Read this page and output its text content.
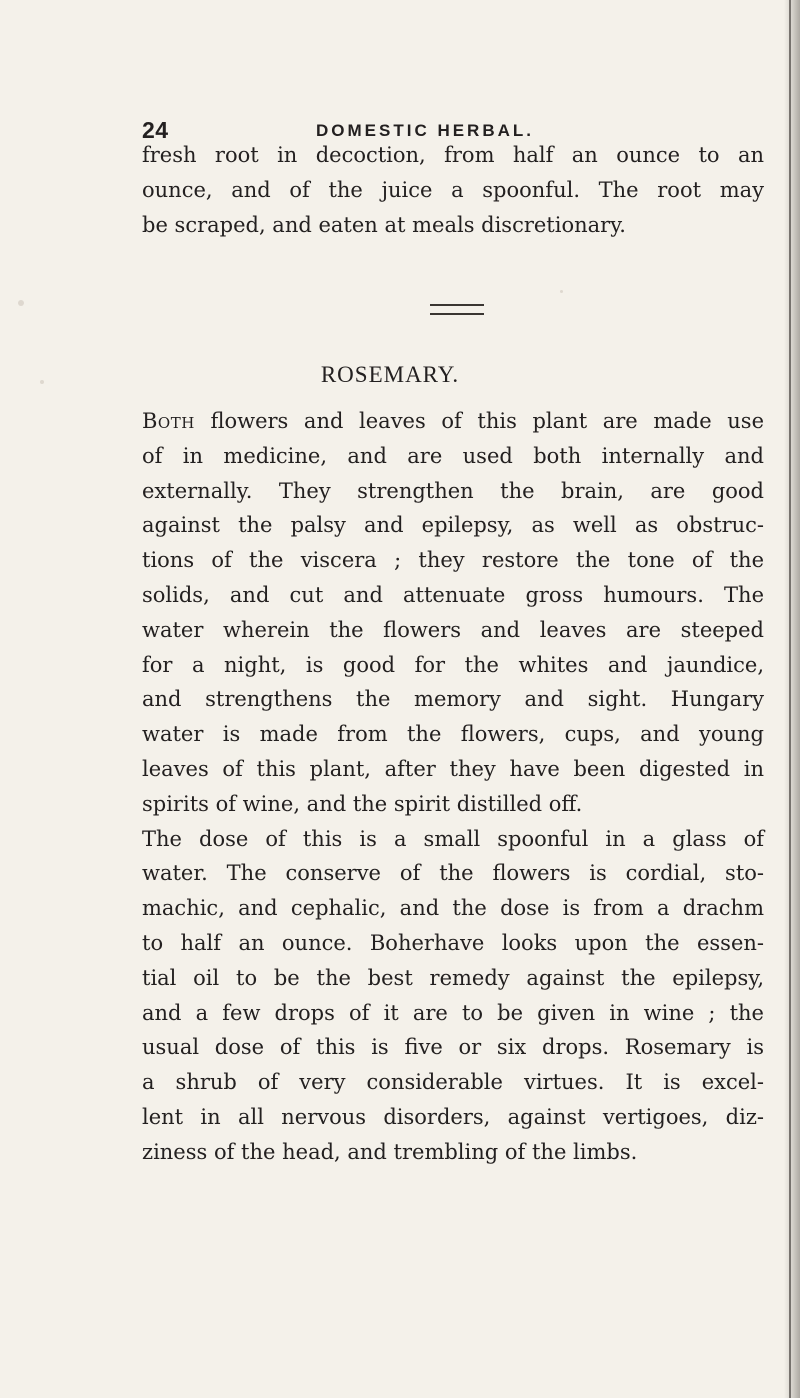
24	DOMESTIC HERBAL.
fresh root in decoction, from half an ounce to an
ounce, and of the juice a spoonful. The root may
be scraped, and eaten at meals discretionary.
ROSEMARY.
Both flowers and leaves of this plant are made use
of in medicine, and are used both internally and
externally. They strengthen the brain, are good
against the palsy and epilepsy, as well as obstruc-
tions of the viscera ; they restore the tone of the
solids, and cut and attenuate gross humours. The
water wherein the flowers and leaves are steeped
for a night, is good for the whites and jaundice,
and strengthens the memory and sight. Hungary
water is made from the flowers, cups, and young
leaves of this plant, after they have been digested in
spirits of wine, and the spirit distilled off.
The dose of this is a small spoonful in a glass of
water. The conserve of the flowers is cordial, sto-
machic, and cephalic, and the dose is from a drachm
to half an ounce. Boherhave looks upon the essen-
tial oil to be the best remedy against the epilepsy,
and a few drops of it are to be given in wine ; the
usual dose of this is five or six drops. Rosemary is
a shrub of very considerable virtues. It is excel-
lent in all nervous disorders, against vertigoes, diz-
ziness of the head, and trembling of the limbs.
